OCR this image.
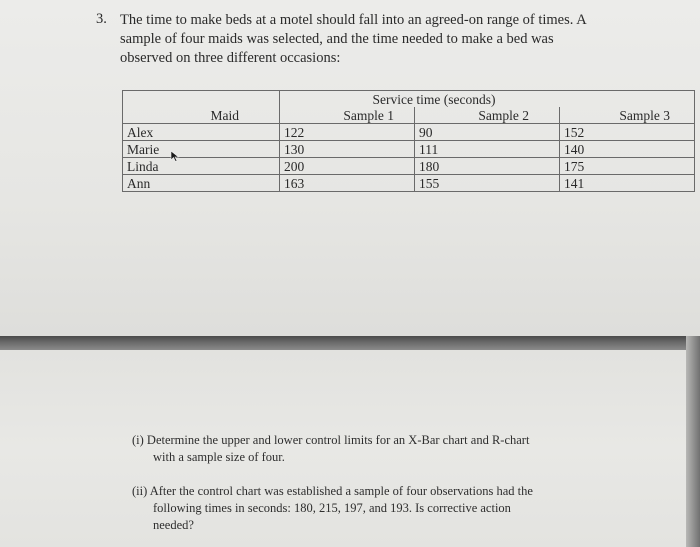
3. The time to make beds at a motel should fall into an agreed-on range of times. A
sample of four maids was selected, and the time needed to make a bed was
observed on three different occasions:
	Service time (seconds)		
Maid	Sample 1	Sample 2	Sample 3
Alex	122	90	152
Marie	130	111	140
Linda	200	180	175
Ann	163	155	141
(i) Determine the upper and lower control limits for an X-Bar chart and R-chart
with a sample size of four.
(ii) After the control chart was established a sample of four observations had the
following times in seconds: 180, 215, 197, and 193. Is corrective action
needed?
